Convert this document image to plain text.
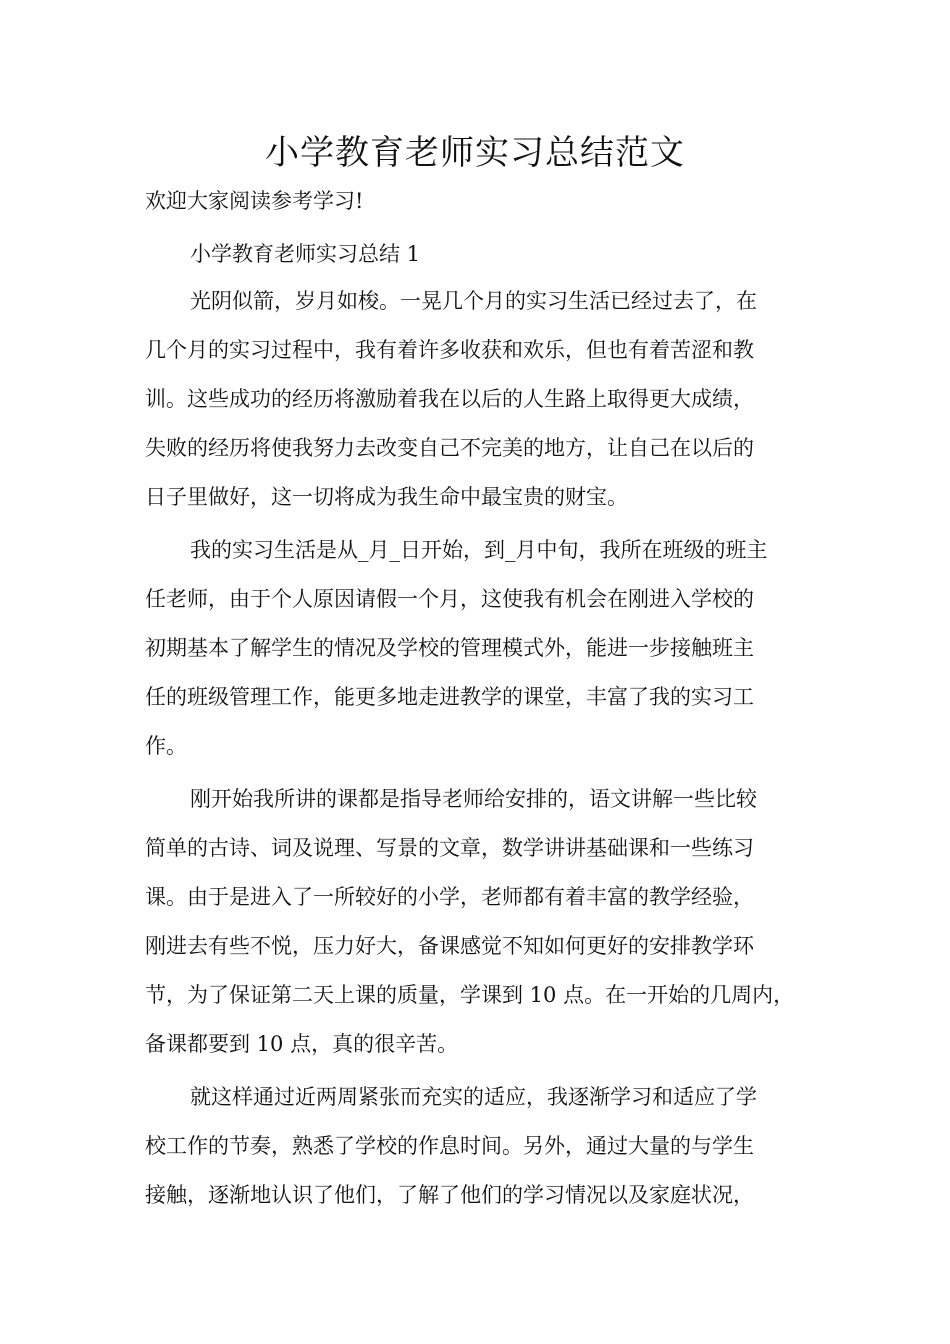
小学教育老师实习总结范文

欢迎大家阅读参考学习!

小学教育老师实习总结 1

光阴似箭，岁月如梭。一晃几个月的实习生活已经过去了，在

几个月的实习过程中，我有着许多收获和欢乐，但也有着苦涩和教

训。这些成功的经历将激励着我在以后的人生路上取得更大成绩，

失败的经历将使我努力去改变自己不完美的地方，让自己在以后的

日子里做好，这一切将成为我生命中最宝贵的财宝。

我的实习生活是从_月_日开始，到_月中旬，我所在班级的班主

任老师，由于个人原因请假一个月，这使我有机会在刚进入学校的

初期基本了解学生的情况及学校的管理模式外，能进一步接触班主

任的班级管理工作，能更多地走进教学的课堂，丰富了我的实习工

作。

刚开始我所讲的课都是指导老师给安排的，语文讲解一些比较

简单的古诗、词及说理、写景的文章，数学讲讲基础课和一些练习

课。由于是进入了一所较好的小学，老师都有着丰富的教学经验，

刚进去有些不悦，压力好大，备课感觉不知如何更好的安排教学环

节，为了保证第二天上课的质量，学课到 10 点。在一开始的几周内，

备课都要到 10 点，真的很辛苦。

就这样通过近两周紧张而充实的适应，我逐渐学习和适应了学

校工作的节奏，熟悉了学校的作息时间。另外，通过大量的与学生

接触，逐渐地认识了他们，了解了他们的学习情况以及家庭状况，
